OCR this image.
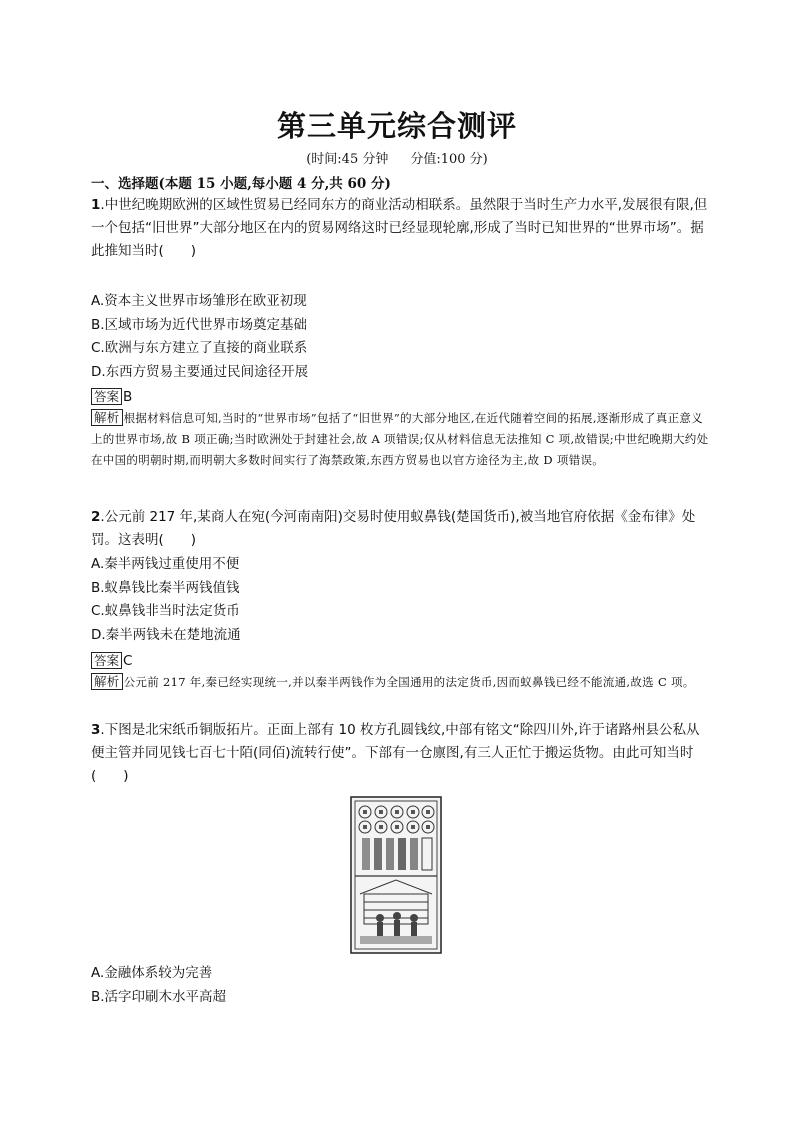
第三单元综合测评
(时间:45 分钟 分值:100 分)
一、选择题(本题 15 小题,每小题 4 分,共 60 分)
1.中世纪晚期欧洲的区域性贸易已经同东方的商业活动相联系。虽然限于当时生产力水平,发展很有限,但一个包括“旧世界”大部分地区在内的贸易网络这时已经显现轮廓,形成了当时已知世界的“世界市场”。据此推知当时(　　)
A.资本主义世界市场雏形在欧亚初现
B.区域市场为近代世界市场奠定基础
C.欧洲与东方建立了直接的商业联系
D.东西方贸易主要通过民间途径开展
答案 B
解析 根据材料信息可知,当时的“世界市场”包括了“旧世界”的大部分地区,在近代随着空间的拓展,逐渐形成了真正意义上的世界市场,故 B 项正确;当时欧洲处于封建社会,故 A 项错误;仅从材料信息无法推知 C 项,故错误;中世纪晚期大约处在中国的明朝时期,而明朝大多数时间实行了海禁政策,东西方贸易也以官方途径为主,故 D 项错误。
2.公元前 217 年,某商人在宛(今河南南阳)交易时使用蚁鼻钱(楚国货币),被当地官府依据《金布律》处罚。这表明(　　)
A.秦半两钱过重使用不便
B.蚁鼻钱比秦半两钱值钱
C.蚁鼻钱非当时法定货币
D.秦半两钱未在楚地流通
答案 C
解析 公元前 217 年,秦已经实现统一,并以秦半两钱作为全国通用的法定货币,因而蚁鼻钱已经不能流通,故选 C 项。
3.下图是北宋纸币铜版拓片。正面上部有 10 枚方孔圆钱纹,中部有铭文“除四川外,许于诸路州县公私从便主管并同见钱七百七十陌(同佰)流转行使”。下部有一仓廪图,有三人正忙于搬运货物。由此可知当时(　　)
A.金融体系较为完善
B.活字印刷木水平高超
